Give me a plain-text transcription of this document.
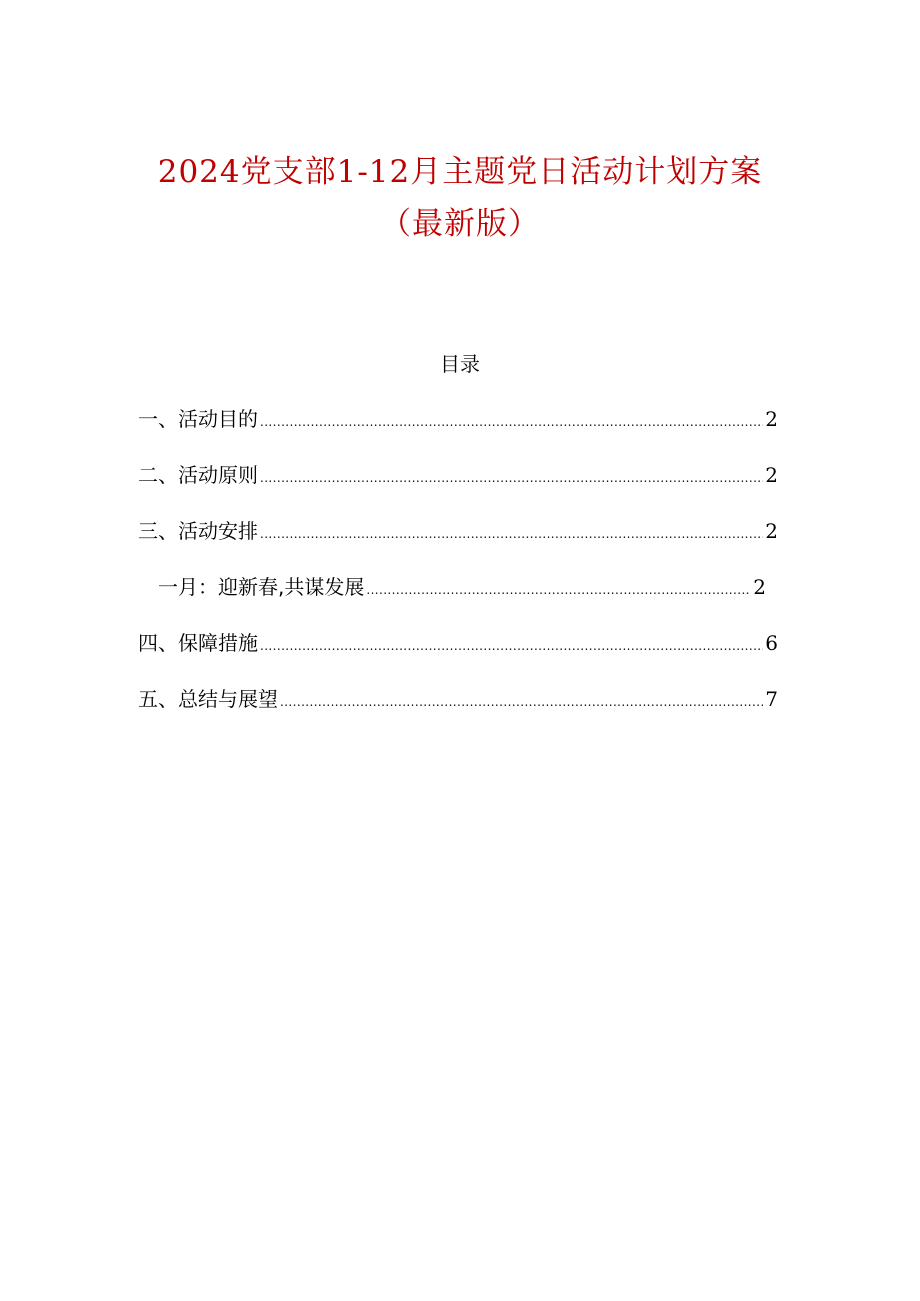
2024党支部1-12月主题党日活动计划方案
（最新版）
目录
一、活动目的 .....	2
二、活动原则 .....	2
三、活动安排 .....	2
一月：迎新春,共谋发展 .....	2
四、保障措施 .....	6
五、总结与展望 .....	7
